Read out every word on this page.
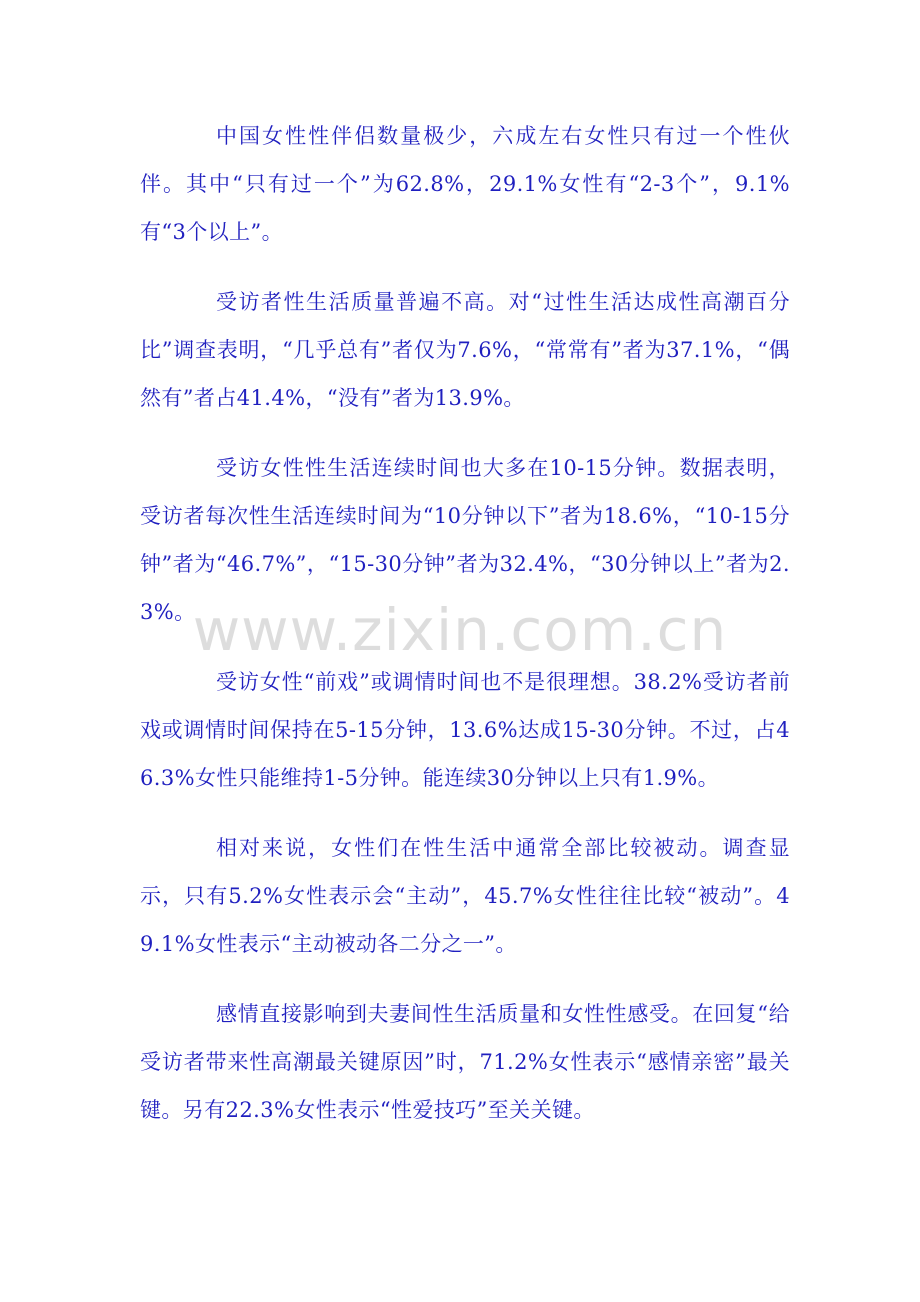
中国女性性伴侣数量极少，六成左右女性只有过一个性伙伴。其中“只有过一个”为62.8%，29.1%女性有“2-3个”，9.1%有“3个以上”。

受访者性生活质量普遍不高。对“过性生活达成性高潮百分比”调查表明，“几乎总有”者仅为7.6%，“常常有”者为37.1%，“偶然有”者占41.4%，“没有”者为13.9%。

受访女性性生活连续时间也大多在10-15分钟。数据表明，受访者每次性生活连续时间为“10分钟以下”者为18.6%，“10-15分钟”者为“46.7%”，“15-30分钟”者为32.4%，“30分钟以上”者为2.3%。

受访女性“前戏”或调情时间也不是很理想。38.2%受访者前戏或调情时间保持在5-15分钟，13.6%达成15-30分钟。不过，占46.3%女性只能维持1-5分钟。能连续30分钟以上只有1.9%。

相对来说，女性们在性生活中通常全部比较被动。调查显示，只有5.2%女性表示会“主动”，45.7%女性往往比较“被动”。49.1%女性表示“主动被动各二分之一”。

感情直接影响到夫妻间性生活质量和女性性感受。在回复“给受访者带来性高潮最关键原因”时，71.2%女性表示“感情亲密”最关键。另有22.3%女性表示“性爱技巧”至关关键。

www.zixin.com.cn
